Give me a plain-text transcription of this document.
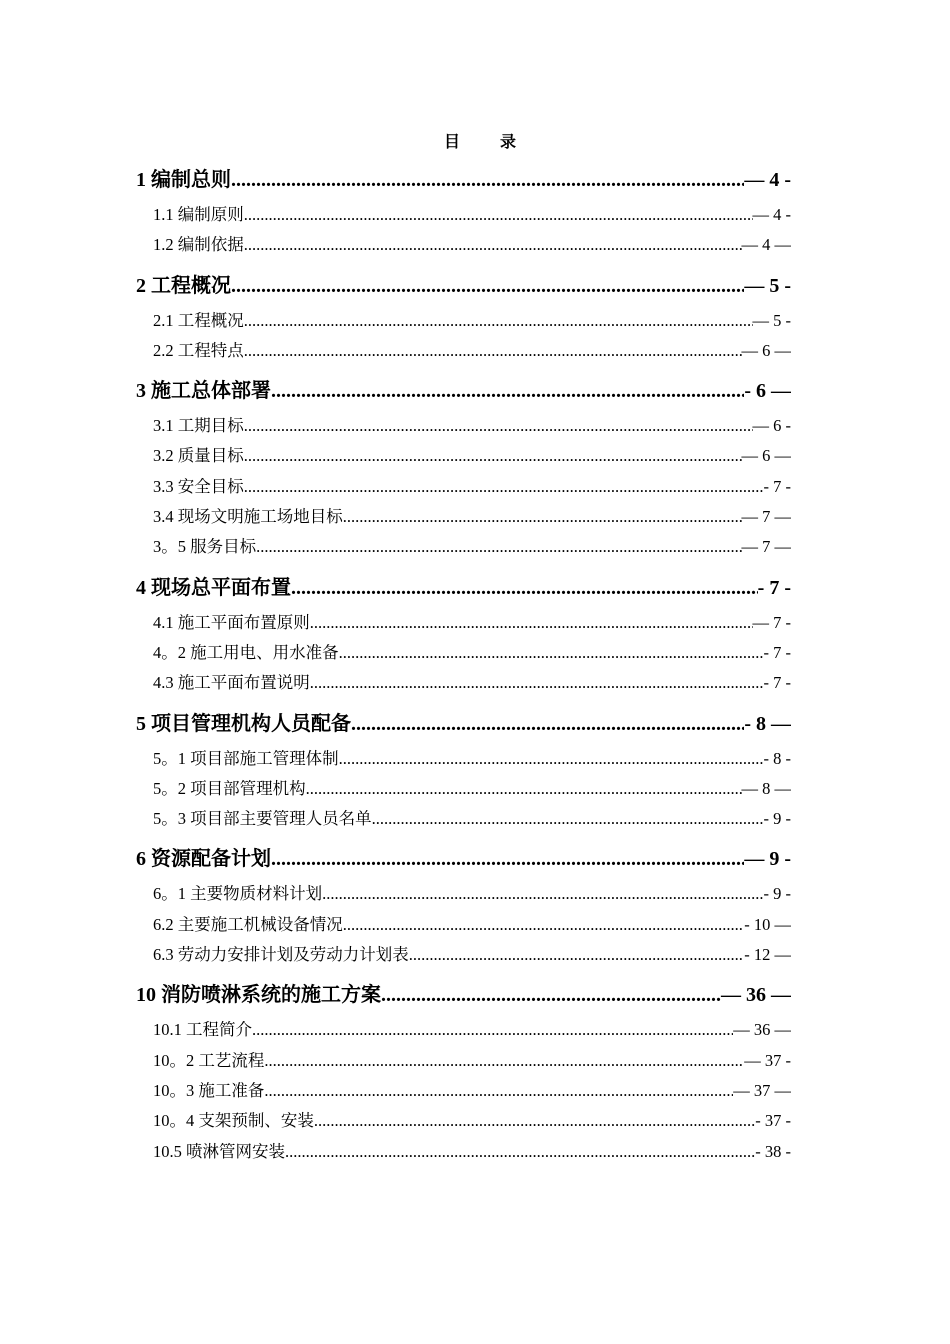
目 录
1 编制总则 .....	— 4 -
1.1 编制原则 .....	— 4 -
1.2 编制依据 .....	— 4 —
2 工程概况 .....	— 5 -
2.1 工程概况 .....	— 5 -
2.2 工程特点 .....	— 6 —
3 施工总体部署 .....	- 6 —
3.1 工期目标 .....	— 6 -
3.2 质量目标 .....	— 6 —
3.3 安全目标 .....	- 7 -
3.4 现场文明施工场地目标 .....	— 7 —
3。5 服务目标 .....	— 7 —
4 现场总平面布置 .....	- 7 -
4.1 施工平面布置原则 .....	— 7 -
4。2 施工用电、用水准备 .....	- 7 -
4.3 施工平面布置说明 .....	- 7 -
5 项目管理机构人员配备 .....	- 8 —
5。1 项目部施工管理体制 .....	- 8 -
5。2 项目部管理机构 .....	— 8 —
5。3 项目部主要管理人员名单 .....	- 9 -
6 资源配备计划 .....	— 9 -
6。1 主要物质材料计划 .....	- 9 -
6.2 主要施工机械设备情况 .....	- 10 —
6.3 劳动力安排计划及劳动力计划表 .....	- 12 —
10 消防喷淋系统的施工方案 .....	— 36 —
10.1 工程简介 .....	— 36 —
10。2 工艺流程 .....	— 37 -
10。3 施工准备 .....	— 37 —
10。4 支架预制、安装 .....	- 37 -
10.5 喷淋管网安装 .....	- 38 -
